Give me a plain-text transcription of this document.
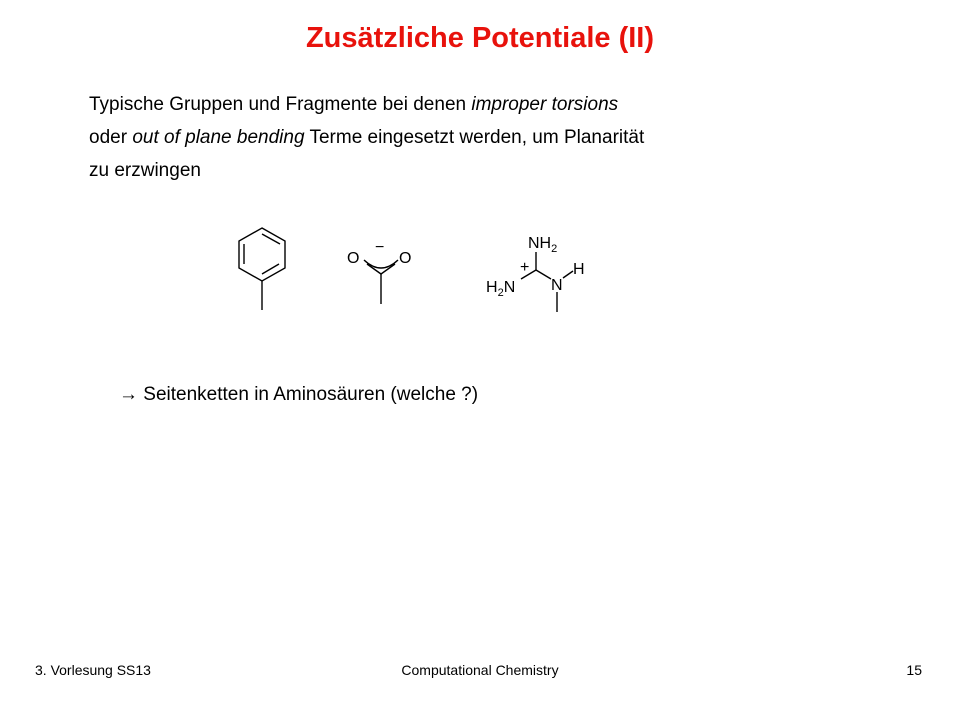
Zusätzliche Potentiale (II)

Typische Gruppen und Fragmente bei denen improper torsions

oder out of plane bending Terme eingesetzt werden, um Planarität

zu erzwingen

O O
−	$NH_2$
$H_2N$
+
N
H
→ Seitenketten in Aminosäuren (welche ?)
3. Vorlesung SS13	Computational Chemistry	15
